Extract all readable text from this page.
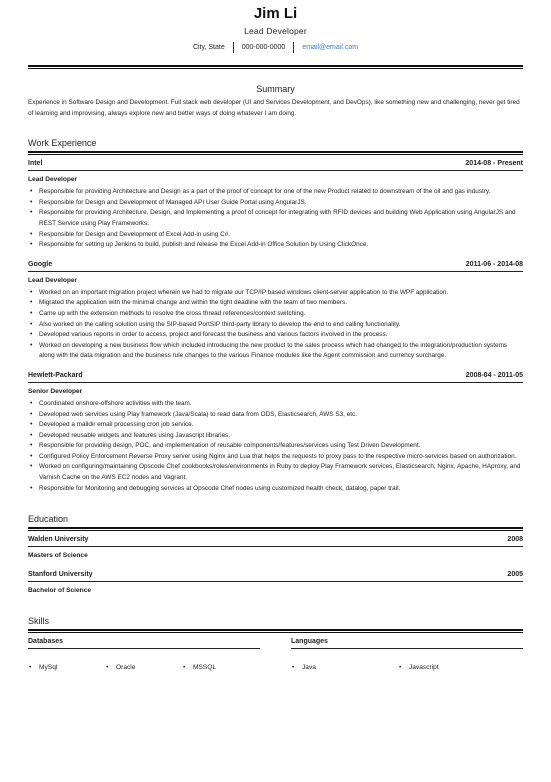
Jim Li
Lead Developer
City, State 000-000-0000 email@email.com
Summary
Experience in Software Design and Development. Full stack web developer (UI and Services Development, and DevOps), like something new and challenging, never get tired of learning and improvising, always explore new and better ways of doing whatever I am doing.
Work Experience
Intel	2014-08 - Present
Lead Developer
• Responsible for providing Architecture and Design as a part of the proof of concept for one of the new Product related to downstream of the oil and gas industry.
• Responsible for Design and Development of Managed API User Guide Portal using AngularJS.
• Responsible for providing Architecture, Design, and Implementing a proof of concept for integrating with RFID devices and building Web Application using AngularJS and REST Service using Play Frameworks.
• Responsible for Design and Development of Excel Add-in using C#.
• Responsible for setting up Jenkins to build, publish and release the Excel Add-in Office Solution by Using ClickOnce.
Google	2011-06 - 2014-08
Lead Developer
• Worked on an important migration project wherein we had to migrate our TCP/IP based windows client-server application to the WPF application.
• Migrated the application with the minimal change and within the tight deadline with the team of two members.
• Came up with the extension methods to resolve the cross thread references/context switching.
• Also worked on the calling solution using the SIP-based PortSIP third-party library to develop the end to end calling functionality.
• Developed various reports in order to access, project and forecast the business and various factors involved in the process.
• Worked on developing a new business flow which included introducing the new product to the sales process which had changed to the integration/production systems along with the data migration and the business rule changes to the various Finance modules like the Agent commission and currency surcharge.
Hewlett-Packard	2008-04 - 2011-05
Senior Developer
• Coordinated onshore-offshore activities with the team.
• Developed web services using Play framework (Java/Scala) to read data from ODS, Elasticsearch, AWS S3, etc.
• Developed a maildir email processing cron job service.
• Developed reusable widgets and features using Javascript libraries.
• Responsible for providing design, POC, and implementation of reusable components/features/services using Test Driven Development.
• Configured Policy Enforcement Reverse Proxy server using Nginx and Lua that helps the requests to proxy pass to the respective micro-services based on authorization.
• Worked on configuring/maintaining Opscode Chef cookbooks/roles/environments in Ruby to deploy Play Framework services, Elasticsearch, Nginx, Apache, HAproxy, and Varnish Cache on the AWS EC2 nodes and Vagrant.
• Responsible for Monitoring and debugging services at Opscode Chef nodes using customized health check, datalog, paper trail.
Education
Walden University	2008
Masters of Science
Stanford University	2005
Bachelor of Science
Skills
Databases
• MySql	• Oracle	• MSSQL
Languages
• Java	• Javascript
